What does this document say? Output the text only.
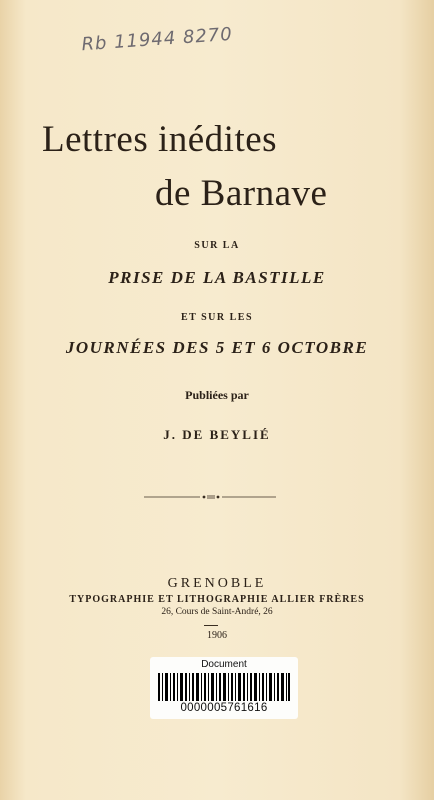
Rb 11944 8270
Lettres inédites
de Barnave
SUR LA
PRISE DE LA BASTILLE
ET SUR LES
JOURNÉES DES 5 ET 6 OCTOBRE
Publiées par
J. DE BEYLIÉ
GRENOBLE
TYPOGRAPHIE ET LITHOGRAPHIE ALLIER FRÈRES
26, Cours de Saint-André, 26
1906
Document
0000005761616
